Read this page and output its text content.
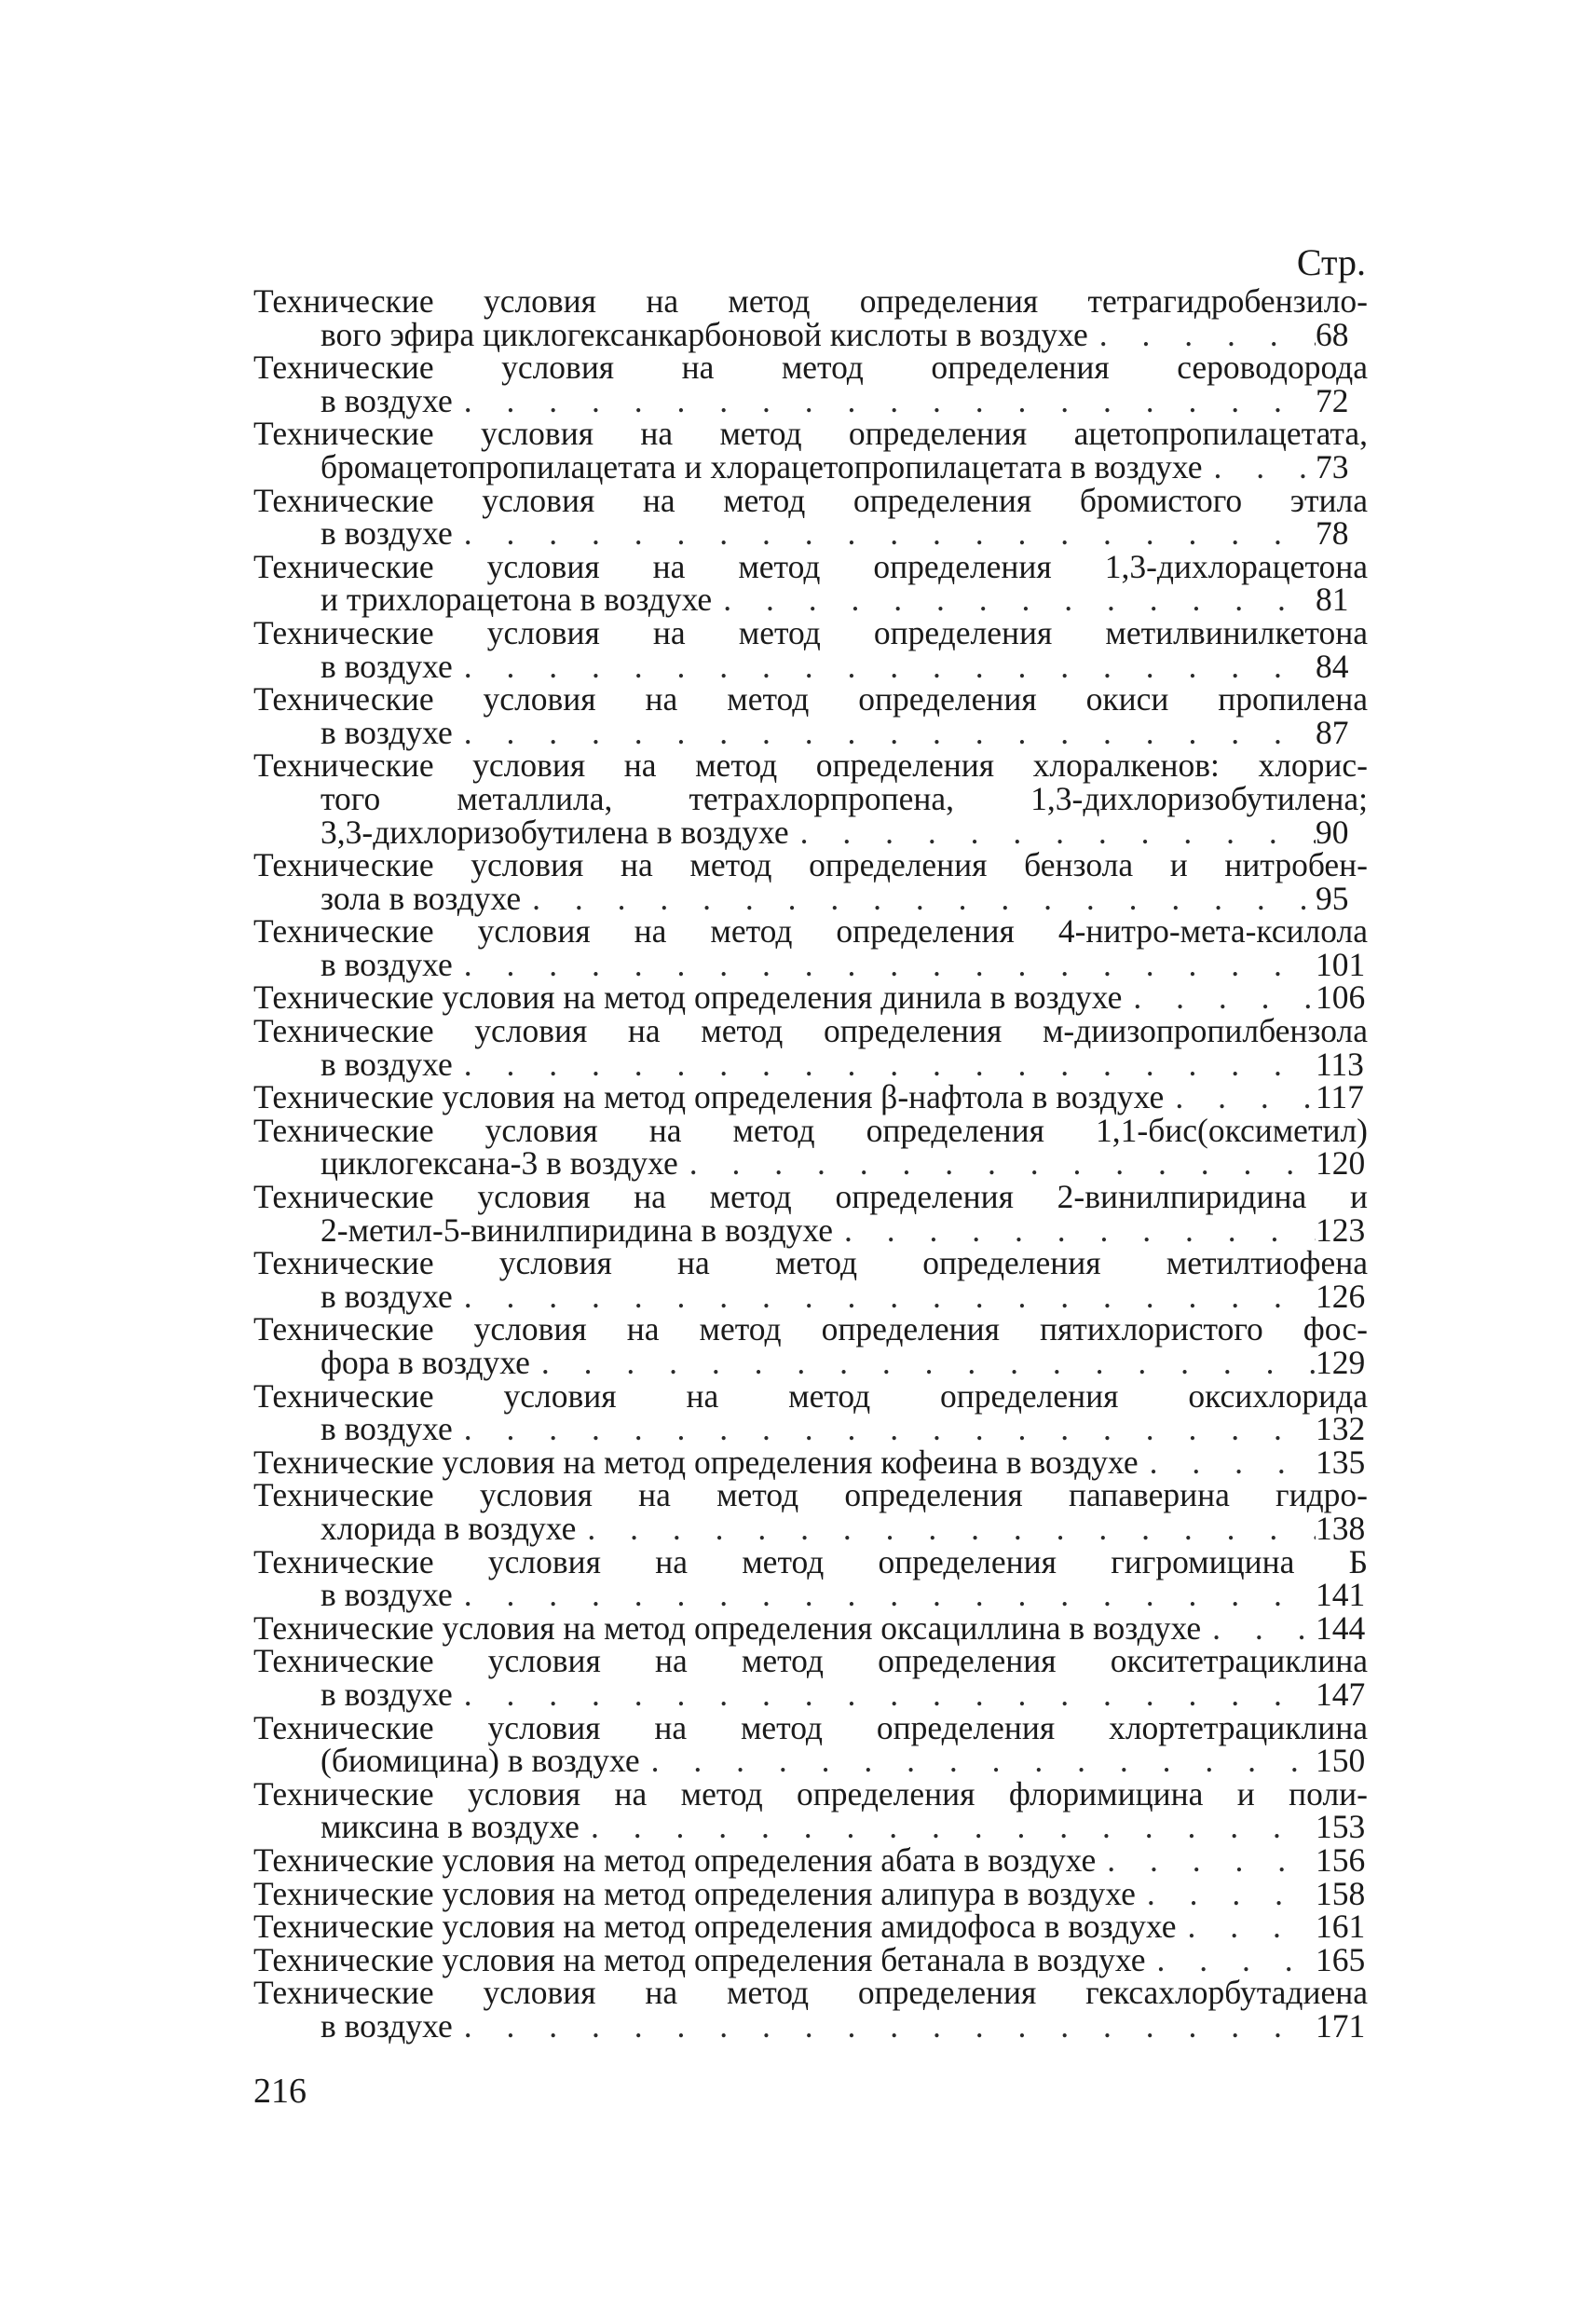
Стр.
Технические условия на метод определения тетрагидробензило-
вого эфира циклогексанкарбоновой кислоты в воздухе . . .	68
Технические условия на метод определения сероводорода
в воздухе . . .	72
Технические условия на метод определения ацетопропилацетата,
бромацетопропилацетата и хлорацетопропилацетата в воздухе . . .	73
Технические условия на метод определения бромистого этила
в воздухе . . .	78
Технические условия на метод определения 1,3-дихлорацетона
и трихлорацетона в воздухе . . .	81
Технические условия на метод определения метилвинилкетона
в воздухе . . .	84
Технические условия на метод определения окиси пропилена
в воздухе . . .	87
Технические условия на метод определения хлоралкенов: хлорис-
того металлила, тетрахлорпропена, 1,3-дихлоризобутилена;
3,3-дихлоризобутилена в воздухе . . .	90
Технические условия на метод определения бензола и нитробен-
зола в воздухе . . .	95
Технические условия на метод определения 4-нитро-мета-ксилола
в воздухе . . .	101
Технические условия на метод определения динила в воздухе . . .	106
Технические условия на метод определения м-диизопропилбензола
в воздухе . . .	113
Технические условия на метод определения β-нафтола в воздухе . . .	117
Технические условия на метод определения 1,1-бис(оксиметил)
циклогексана-3 в воздухе . . .	120
Технические условия на метод определения 2-винилпиридина и
2-метил-5-винилпиридина в воздухе . . .	123
Технические условия на метод определения метилтиофена
в воздухе . . .	126
Технические условия на метод определения пятихлористого фос-
фора в воздухе . . .	129
Технические условия на метод определения оксихлорида
в воздухе . . .	132
Технические условия на метод определения кофеина в воздухе . . .	135
Технические условия на метод определения папаверина гидро-
хлорида в воздухе . . .	138
Технические условия на метод определения гигромицина Б
в воздухе . . .	141
Технические условия на метод определения оксациллина в воздухе . . .	144
Технические условия на метод определения окситетрациклина
в воздухе . . .	147
Технические условия на метод определения хлортетрациклина
(биомицина) в воздухе . . .	150
Технические условия на метод определения флоримицина и поли-
миксина в воздухе . . .	153
Технические условия на метод определения абата в воздухе . . .	156
Технические условия на метод определения алипура в воздухе . . .	158
Технические условия на метод определения амидофоса в воздухе . . .	161
Технические условия на метод определения бетанала в воздухе . . .	165
Технические условия на метод определения гексахлорбутадиена
в воздухе . . .	171
216
